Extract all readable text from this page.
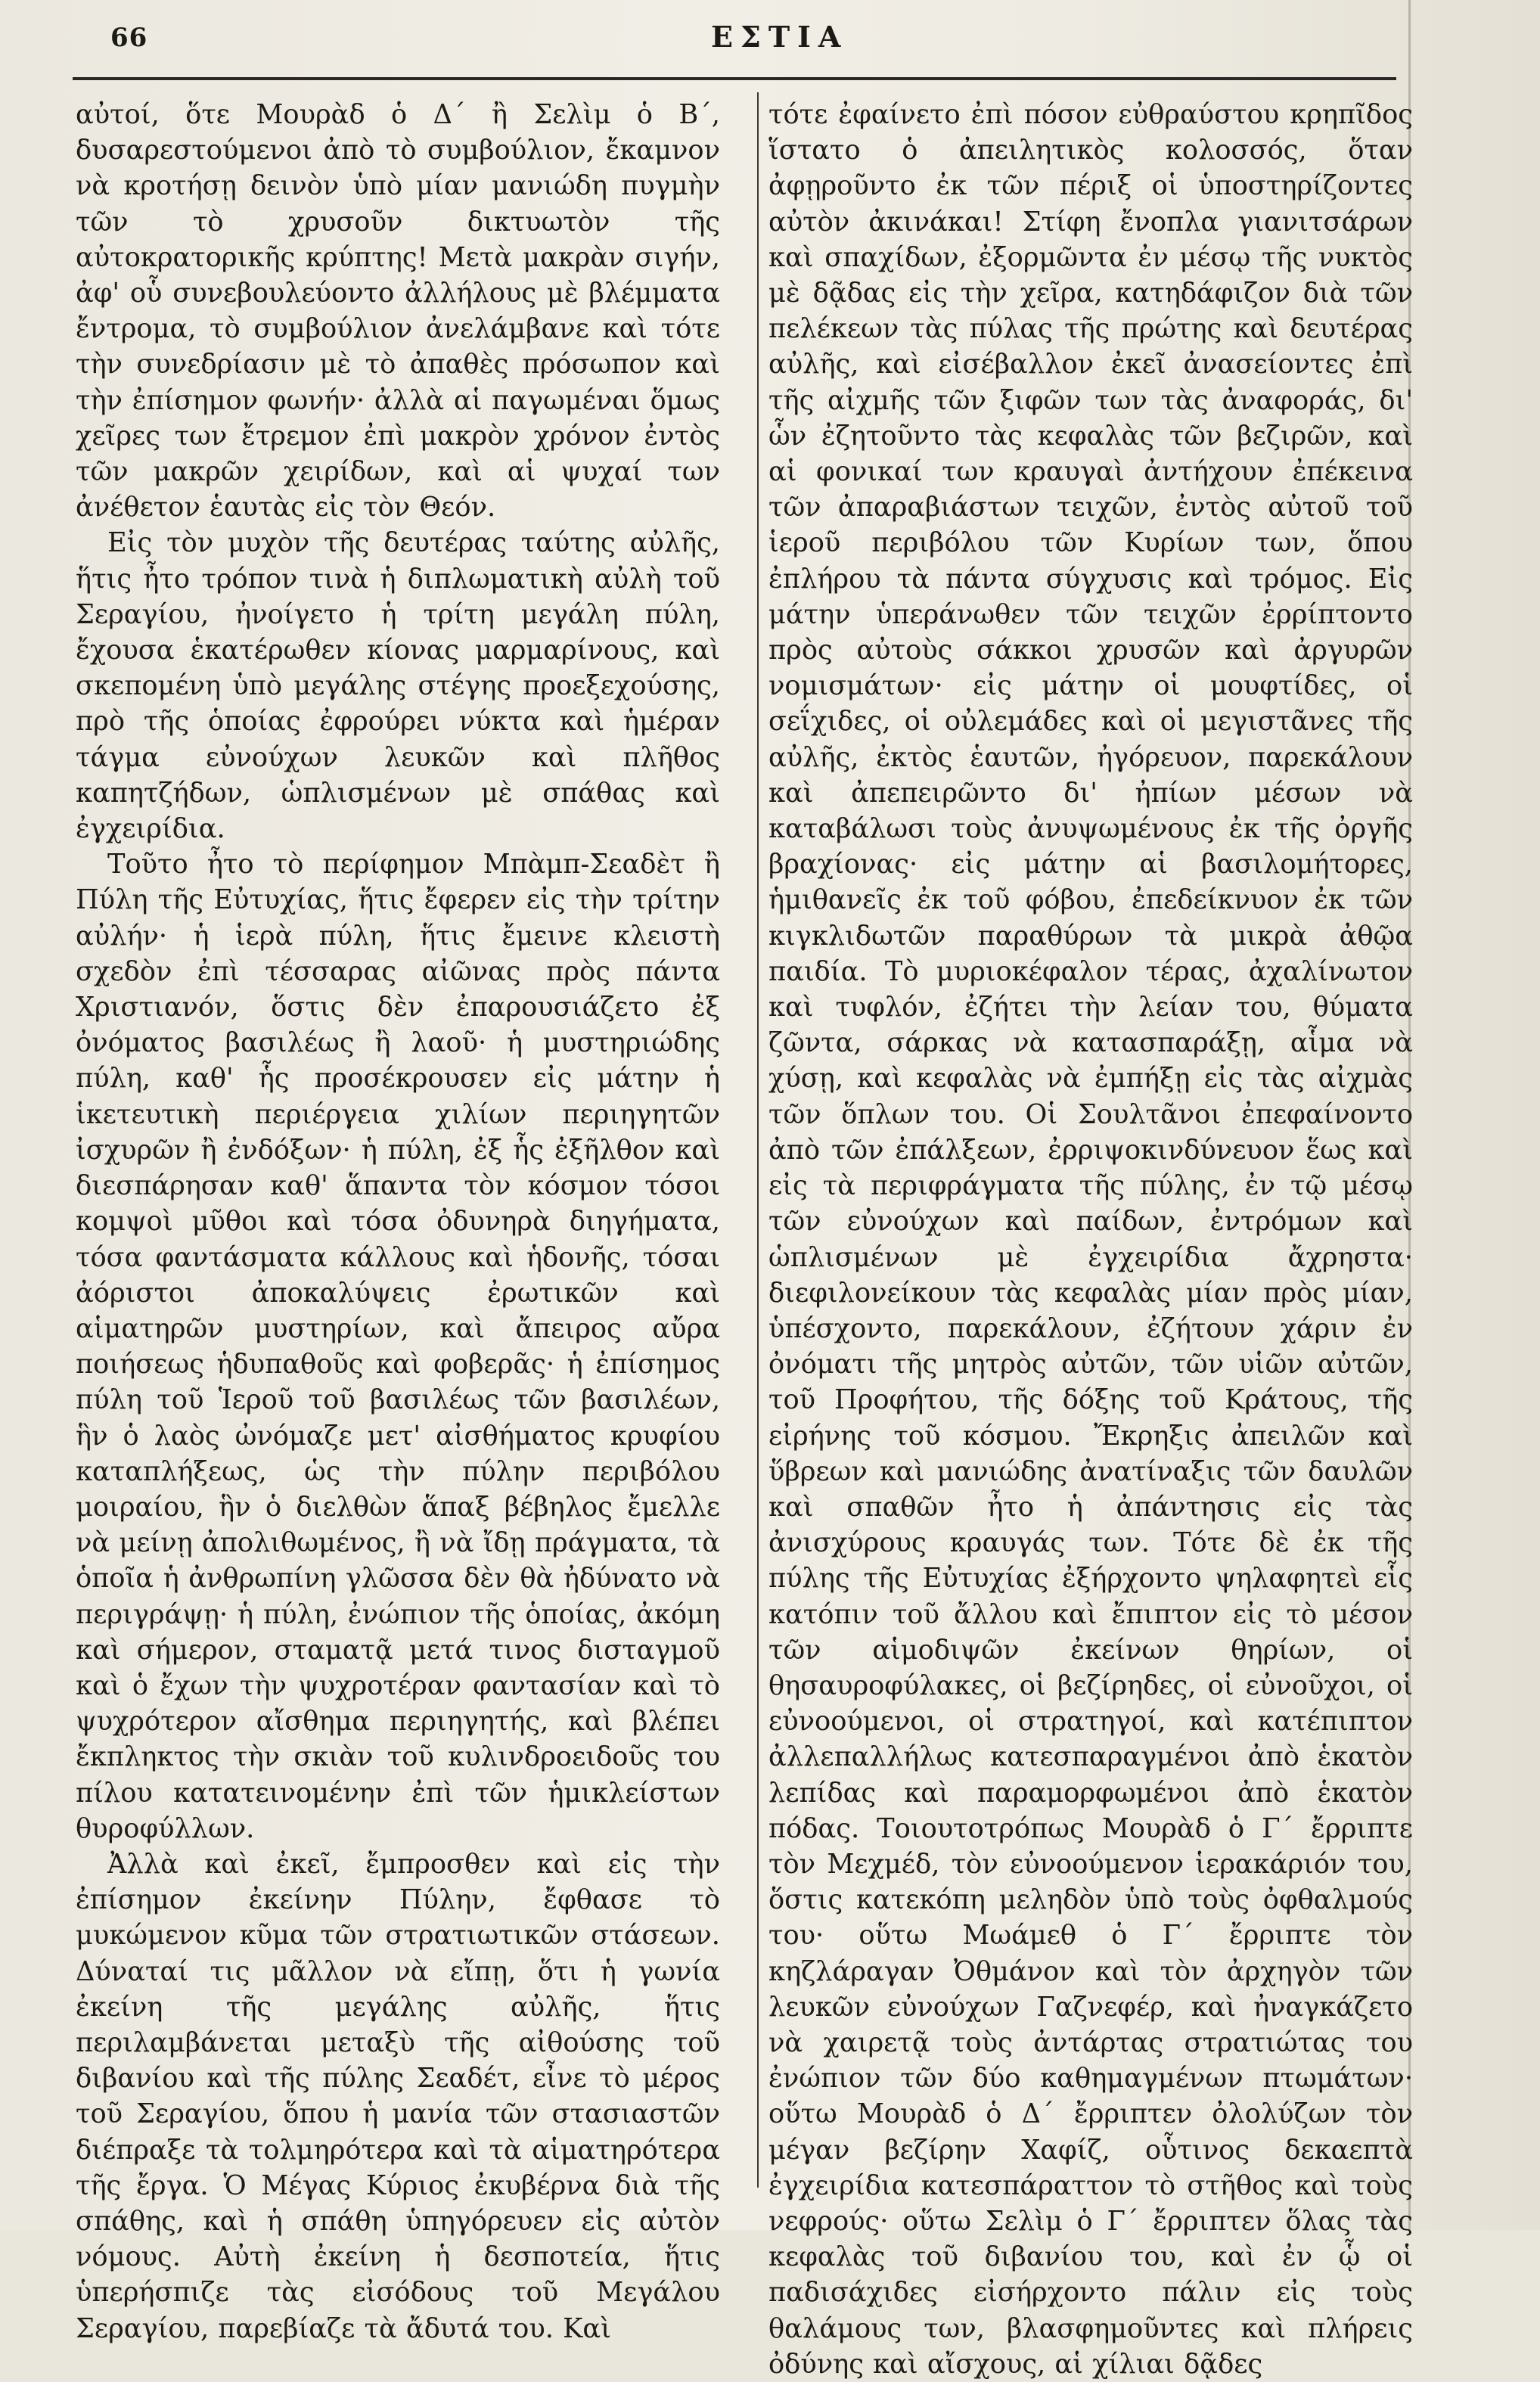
66	ΕΣΤΙΑ

αὐτοί, ὅτε Μουρὰδ ὁ Δ΄ ἢ Σελὶμ ὁ Β΄, δυσαρεστούμενοι ἀπὸ τὸ συμβούλιον, ἔκαμνον νὰ κροτήσῃ δεινὸν ὑπὸ μίαν μανιώδη πυγμὴν τῶν τὸ χρυσοῦν δικτυωτὸν τῆς αὐτοκρατορικῆς κρύπτης! Μετὰ μακρὰν σιγήν, ἀφ' οὗ συνεβουλεύοντο ἀλλήλους μὲ βλέμματα ἔντρομα, τὸ συμβούλιον ἀνελάμβανε καὶ τότε τὴν συνεδρίασιν μὲ τὸ ἀπαθὲς πρόσωπον καὶ τὴν ἐπίσημον φωνήν· ἀλλὰ αἱ παγωμέναι ὅμως χεῖρες των ἔτρεμον ἐπὶ μακρὸν χρόνον ἐντὸς τῶν μακρῶν χειρίδων, καὶ αἱ ψυχαί των ἀνέθετον ἑαυτὰς εἰς τὸν Θεόν.

Εἰς τὸν μυχὸν τῆς δευτέρας ταύτης αὐλῆς, ἥτις ἦτο τρόπον τινὰ ἡ διπλωματικὴ αὐλὴ τοῦ Σεραγίου, ἠνοίγετο ἡ τρίτη μεγάλη πύλη, ἔχουσα ἑκατέρωθεν κίονας μαρμαρίνους, καὶ σκεπομένη ὑπὸ μεγάλης στέγης προεξεχούσης, πρὸ τῆς ὁποίας ἐφρούρει νύκτα καὶ ἡμέραν τάγμα εὐνούχων λευκῶν καὶ πλῆθος καπητζήδων, ὡπλισμένων μὲ σπάθας καὶ ἐγχειρίδια.

Τοῦτο ἦτο τὸ περίφημον Μπὰμπ-Σεαδὲτ ἢ Πύλη τῆς Εὐτυχίας, ἥτις ἔφερεν εἰς τὴν τρίτην αὐλήν· ἡ ἱερὰ πύλη, ἥτις ἔμεινε κλειστὴ σχεδὸν ἐπὶ τέσσαρας αἰῶνας πρὸς πάντα Χριστιανόν, ὅστις δὲν ἐπαρουσιάζετο ἐξ ὀνόματος βασιλέως ἢ λαοῦ· ἡ μυστηριώδης πύλη, καθ' ἧς προσέκρουσεν εἰς μάτην ἡ ἱκετευτικὴ περιέργεια χιλίων περιηγητῶν ἰσχυρῶν ἢ ἐνδόξων· ἡ πύλη, ἐξ ἧς ἐξῆλθον καὶ διεσπάρησαν καθ' ἅπαντα τὸν κόσμον τόσοι κομψοὶ μῦθοι καὶ τόσα ὀδυνηρὰ διηγήματα, τόσα φαντάσματα κάλλους καὶ ἡδονῆς, τόσαι ἀόριστοι ἀποκαλύψεις ἐρωτικῶν καὶ αἱματηρῶν μυστηρίων, καὶ ἄπειρος αὔρα ποιήσεως ἡδυπαθοῦς καὶ φοβερᾶς· ἡ ἐπίσημος πύλη τοῦ Ἱεροῦ τοῦ βασιλέως τῶν βασιλέων, ἣν ὁ λαὸς ὠνόμαζε μετ' αἰσθήματος κρυφίου καταπλήξεως, ὡς τὴν πύλην περιβόλου μοιραίου, ἣν ὁ διελθὼν ἅπαξ βέβηλος ἔμελλε νὰ μείνῃ ἀπολιθωμένος, ἢ νὰ ἴδῃ πράγματα, τὰ ὁποῖα ἡ ἀνθρωπίνη γλῶσσα δὲν θὰ ἠδύνατο νὰ περιγράψῃ· ἡ πύλη, ἐνώπιον τῆς ὁποίας, ἀκόμη καὶ σήμερον, σταματᾷ μετά τινος δισταγμοῦ καὶ ὁ ἔχων τὴν ψυχροτέραν φαντασίαν καὶ τὸ ψυχρότερον αἴσθημα περιηγητής, καὶ βλέπει ἔκπληκτος τὴν σκιὰν τοῦ κυλινδροειδοῦς του πίλου κατατεινομένην ἐπὶ τῶν ἡμικλείστων θυροφύλλων.

Ἀλλὰ καὶ ἐκεῖ, ἔμπροσθεν καὶ εἰς τὴν ἐπίσημον ἐκείνην Πύλην, ἔφθασε τὸ μυκώμενον κῦμα τῶν στρατιωτικῶν στάσεων. Δύναταί τις μᾶλλον νὰ εἴπῃ, ὅτι ἡ γωνία ἐκείνη τῆς μεγάλης αὐλῆς, ἥτις περιλαμβάνεται μεταξὺ τῆς αἰθούσης τοῦ διβανίου καὶ τῆς πύλης Σεαδέτ, εἶνε τὸ μέρος τοῦ Σεραγίου, ὅπου ἡ μανία τῶν στασιαστῶν διέπραξε τὰ τολμηρότερα καὶ τὰ αἱματηρότερα τῆς ἔργα. Ὁ Μέγας Κύριος ἐκυβέρνα διὰ τῆς σπάθης, καὶ ἡ σπάθη ὑπηγόρευεν εἰς αὐτὸν νόμους. Αὐτὴ ἐκείνη ἡ δεσποτεία, ἥτις ὑπερήσπιζε τὰς εἰσόδους τοῦ Μεγάλου Σεραγίου, παρεβίαζε τὰ ἄδυτά του. Καὶ

τότε ἐφαίνετο ἐπὶ πόσον εὐθραύστου κρηπῖδος ἵστατο ὁ ἀπειλητικὸς κολοσσός, ὅταν ἀφῃροῦντο ἐκ τῶν πέριξ οἱ ὑποστηρίζοντες αὐτὸν ἀκινάκαι! Στίφη ἔνοπλα γιανιτσάρων καὶ σπαχίδων, ἐξορμῶντα ἐν μέσῳ τῆς νυκτὸς μὲ δᾷδας εἰς τὴν χεῖρα, κατηδάφιζον διὰ τῶν πελέκεων τὰς πύλας τῆς πρώτης καὶ δευτέρας αὐλῆς, καὶ εἰσέβαλλον ἐκεῖ ἀνασείοντες ἐπὶ τῆς αἰχμῆς τῶν ξιφῶν των τὰς ἀναφοράς, δι' ὧν ἐζητοῦντο τὰς κεφαλὰς τῶν βεζιρῶν, καὶ αἱ φονικαί των κραυγαὶ ἀντήχουν ἐπέκεινα τῶν ἀπαραβιάστων τειχῶν, ἐντὸς αὐτοῦ τοῦ ἱεροῦ περιβόλου τῶν Κυρίων των, ὅπου ἐπλήρου τὰ πάντα σύγχυσις καὶ τρόμος. Εἰς μάτην ὑπεράνωθεν τῶν τειχῶν ἐρρίπτοντο πρὸς αὐτοὺς σάκκοι χρυσῶν καὶ ἀργυρῶν νομισμάτων· εἰς μάτην οἱ μουφτίδες, οἱ σεΐχιδες, οἱ οὐλεμάδες καὶ οἱ μεγιστᾶνες τῆς αὐλῆς, ἐκτὸς ἑαυτῶν, ἠγόρευον, παρεκάλουν καὶ ἀπεπειρῶντο δι' ἠπίων μέσων νὰ καταβάλωσι τοὺς ἀνυψωμένους ἐκ τῆς ὀργῆς βραχίονας· εἰς μάτην αἱ βασιλομήτορες, ἡμιθανεῖς ἐκ τοῦ φόβου, ἐπεδείκνυον ἐκ τῶν κιγκλιδωτῶν παραθύρων τὰ μικρὰ ἀθῷα παιδία. Τὸ μυριοκέφαλον τέρας, ἀχαλίνωτον καὶ τυφλόν, ἐζήτει τὴν λείαν του, θύματα ζῶντα, σάρκας νὰ κατασπαράξῃ, αἷμα νὰ χύσῃ, καὶ κεφαλὰς νὰ ἐμπήξῃ εἰς τὰς αἰχμὰς τῶν ὅπλων του. Οἱ Σουλτᾶνοι ἐπεφαίνοντο ἀπὸ τῶν ἐπάλξεων, ἐρριψοκινδύνευον ἕως καὶ εἰς τὰ περιφράγματα τῆς πύλης, ἐν τῷ μέσῳ τῶν εὐνούχων καὶ παίδων, ἐντρόμων καὶ ὡπλισμένων μὲ ἐγχειρίδια ἄχρηστα· διεφιλονείκουν τὰς κεφαλὰς μίαν πρὸς μίαν, ὑπέσχοντο, παρεκάλουν, ἐζήτουν χάριν ἐν ὀνόματι τῆς μητρὸς αὐτῶν, τῶν υἱῶν αὐτῶν, τοῦ Προφήτου, τῆς δόξης τοῦ Κράτους, τῆς εἰρήνης τοῦ κόσμου. Ἔκρηξις ἀπειλῶν καὶ ὕβρεων καὶ μανιώδης ἀνατίναξις τῶν δαυλῶν καὶ σπαθῶν ἦτο ἡ ἀπάντησις εἰς τὰς ἀνισχύρους κραυγάς των. Τότε δὲ ἐκ τῆς πύλης τῆς Εὐτυχίας ἐξήρχοντο ψηλαφητεὶ εἷς κατόπιν τοῦ ἄλλου καὶ ἔπιπτον εἰς τὸ μέσον τῶν αἱμοδιψῶν ἐκείνων θηρίων, οἱ θησαυροφύλακες, οἱ βεζίρηδες, οἱ εὐνοῦχοι, οἱ εὐνοούμενοι, οἱ στρατηγοί, καὶ κατέπιπτον ἀλλεπαλλήλως κατεσπαραγμένοι ἀπὸ ἑκατὸν λεπίδας καὶ παραμορφωμένοι ἀπὸ ἑκατὸν πόδας. Τοιουτοτρόπως Μουρὰδ ὁ Γ΄ ἔρριπτε τὸν Μεχμέδ, τὸν εὐνοούμενον ἱερακάριόν του, ὅστις κατεκόπη μεληδὸν ὑπὸ τοὺς ὀφθαλμούς του· οὕτω Μωάμεθ ὁ Γ΄ ἔρριπτε τὸν κηζλάραγαν Ὀθμάνον καὶ τὸν ἀρχηγὸν τῶν λευκῶν εὐνούχων Γαζνεφέρ, καὶ ἠναγκάζετο νὰ χαιρετᾷ τοὺς ἀντάρτας στρατιώτας του ἐνώπιον τῶν δύο καθημαγμένων πτωμάτων· οὕτω Μουρὰδ ὁ Δ΄ ἔρριπτεν ὀλολύζων τὸν μέγαν βεζίρην Χαφίζ, οὗτινος δεκαεπτὰ ἐγχειρίδια κατεσπάραττον τὸ στῆθος καὶ τοὺς νεφρούς· οὕτω Σελὶμ ὁ Γ΄ ἔρριπτεν ὅλας τὰς κεφαλὰς τοῦ διβανίου του, καὶ ἐν ᾧ οἱ παδισάχιδες εἰσήρχοντο πάλιν εἰς τοὺς θαλάμους των, βλασφημοῦντες καὶ πλήρεις ὀδύνης καὶ αἴσχους, αἱ χίλιαι δᾷδες
